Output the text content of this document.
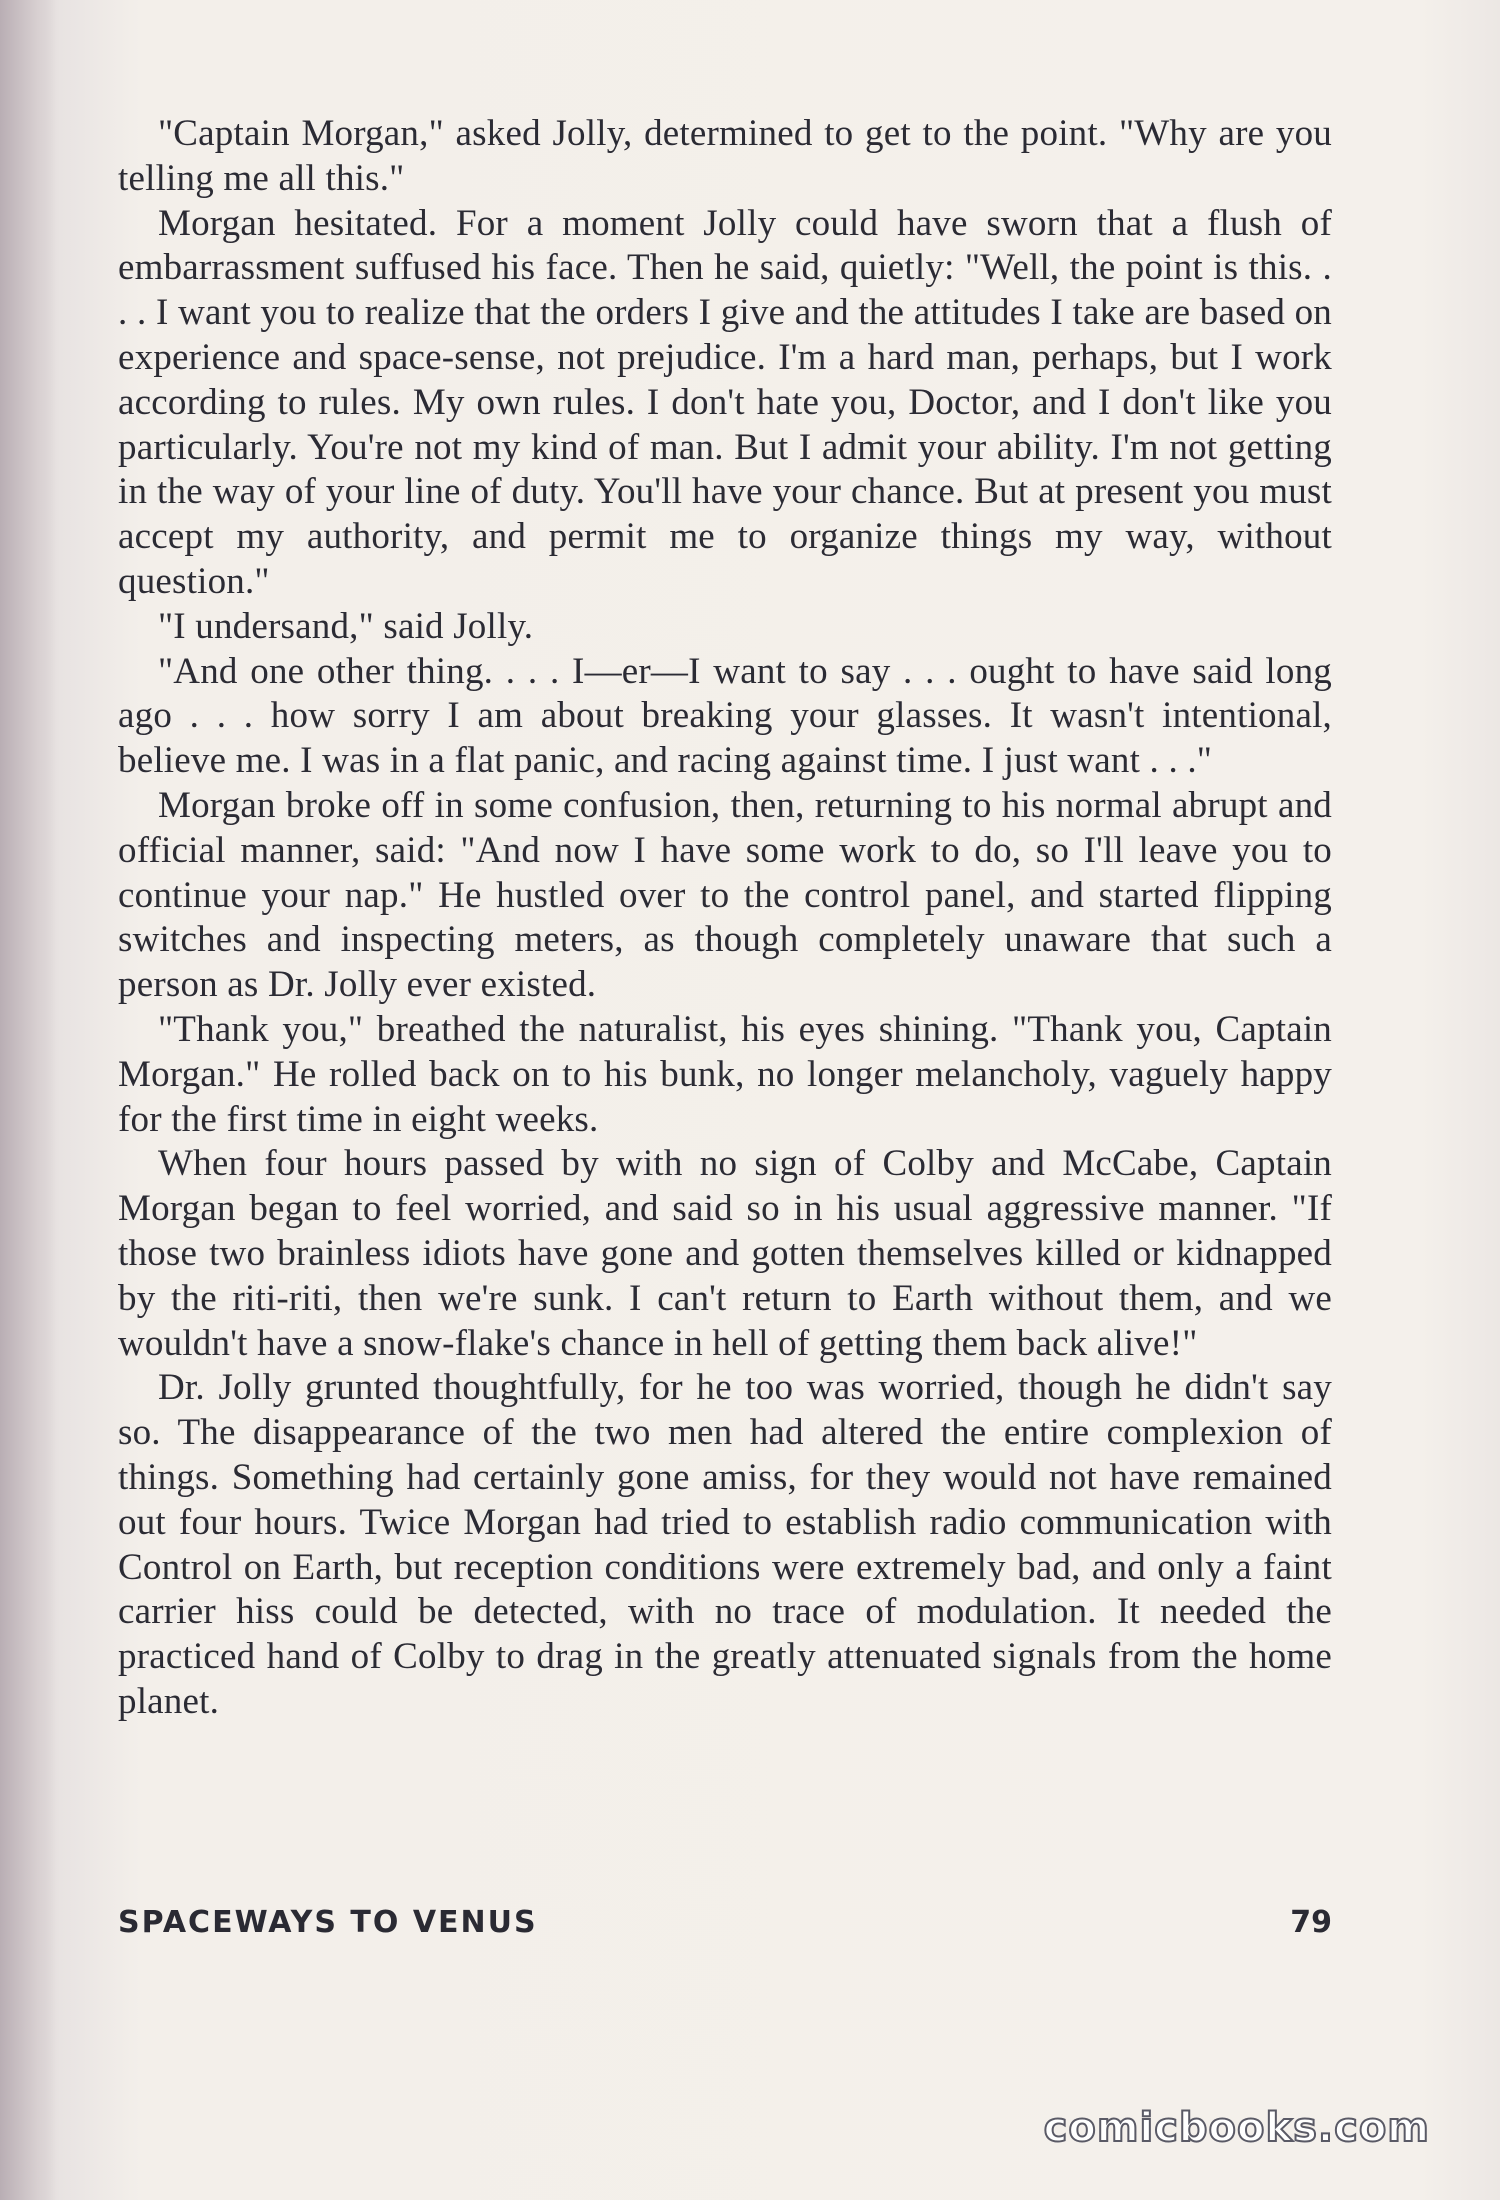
"Captain Morgan," asked Jolly, determined to get to the point. "Why are you telling me all this."

Morgan hesitated. For a moment Jolly could have sworn that a flush of embarrassment suffused his face. Then he said, quietly: "Well, the point is this. . . . I want you to realize that the orders I give and the attitudes I take are based on experience and space-sense, not prejudice. I'm a hard man, perhaps, but I work according to rules. My own rules. I don't hate you, Doctor, and I don't like you particularly. You're not my kind of man. But I admit your ability. I'm not getting in the way of your line of duty. You'll have your chance. But at present you must accept my authority, and permit me to organize things my way, without question."

"I undersand," said Jolly.

"And one other thing. . . . I—er—I want to say . . . ought to have said long ago . . . how sorry I am about breaking your glasses. It wasn't intentional, believe me. I was in a flat panic, and racing against time. I just want . . ."

Morgan broke off in some confusion, then, returning to his normal abrupt and official manner, said: "And now I have some work to do, so I'll leave you to continue your nap." He hustled over to the control panel, and started flipping switches and inspecting meters, as though completely unaware that such a person as Dr. Jolly ever existed.

"Thank you," breathed the naturalist, his eyes shining. "Thank you, Captain Morgan." He rolled back on to his bunk, no longer melancholy, vaguely happy for the first time in eight weeks.

When four hours passed by with no sign of Colby and McCabe, Captain Morgan began to feel worried, and said so in his usual aggressive manner. "If those two brainless idiots have gone and gotten themselves killed or kidnapped by the riti-riti, then we're sunk. I can't return to Earth without them, and we wouldn't have a snow-flake's chance in hell of getting them back alive!"

Dr. Jolly grunted thoughtfully, for he too was worried, though he didn't say so. The disappearance of the two men had altered the entire complexion of things. Something had certainly gone amiss, for they would not have remained out four hours. Twice Morgan had tried to establish radio communication with Control on Earth, but reception conditions were extremely bad, and only a faint carrier hiss could be detected, with no trace of modulation. It needed the practiced hand of Colby to drag in the greatly attenuated signals from the home planet.

SPACEWAYS TO VENUS	79
comicbooks.com
